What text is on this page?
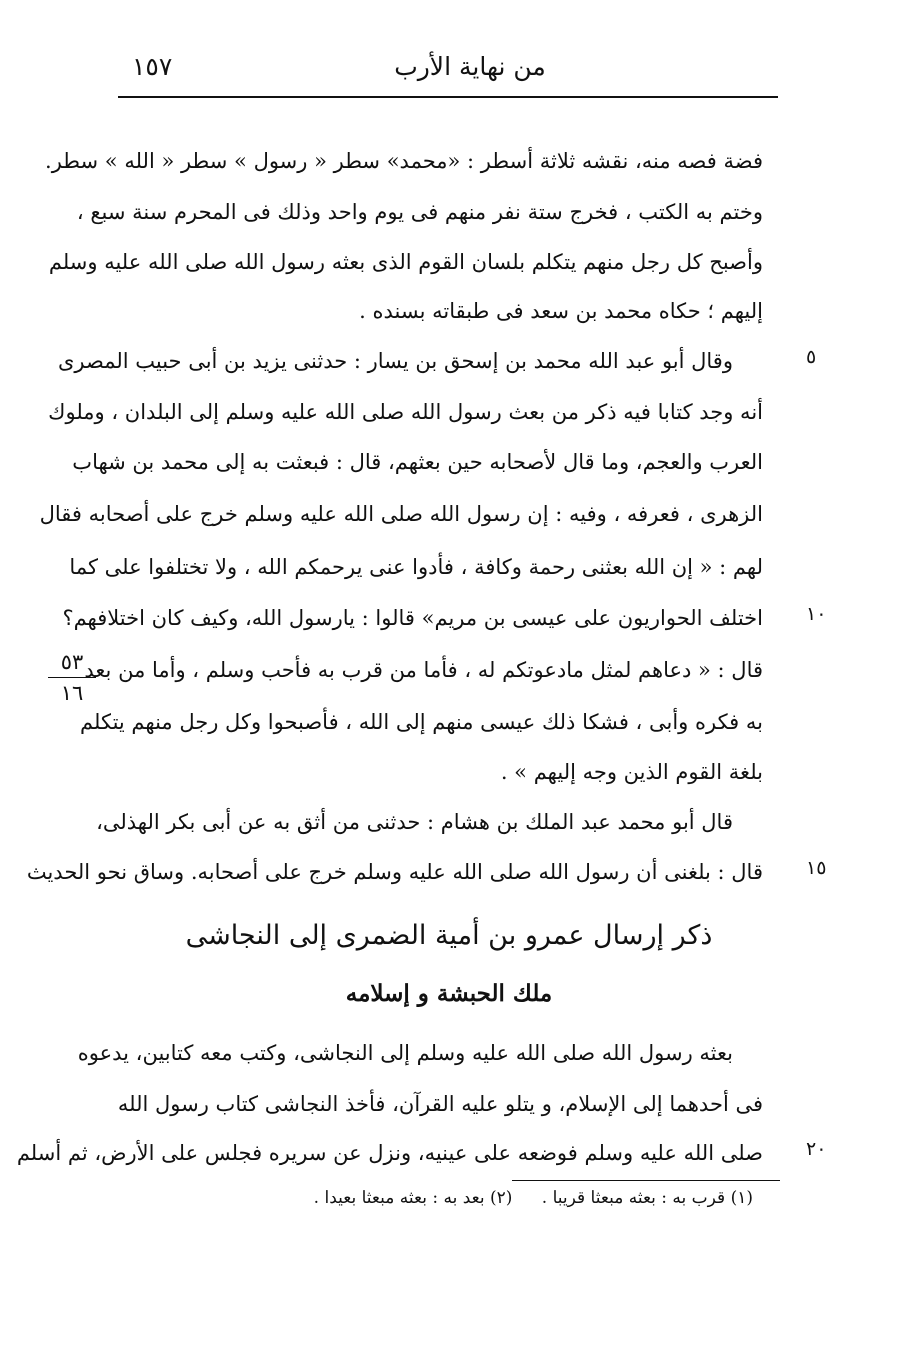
من نهاية الأرب
١٥٧
فضة فصه منه، نقشه ثلاثة أسطر : «محمد» سطر « رسول » سطر « الله » سطر.
وختم به الكتب ، فخرج ستة نفر منهم فى يوم واحد وذلك فى المحرم سنة سبع ،
وأصبح كل رجل منهم يتكلم بلسان القوم الذى بعثه رسول الله صلى الله عليه وسلم
إليهم ؛ حكاه محمد بن سعد فى طبقاته بسنده .
وقال أبو عبد الله محمد بن إسحق بن يسار : حدثنى يزيد بن أبى حبيب المصرى
أنه وجد كتابا فيه ذكر من بعث رسول الله صلى الله عليه وسلم إلى البلدان ، وملوك
العرب والعجم، وما قال لأصحابه حين بعثهم، قال : فبعثت به إلى محمد بن شهاب
الزهرى ، فعرفه ، وفيه : إن رسول الله صلى الله عليه وسلم خرج على أصحابه فقال
لهم : « إن الله بعثنى رحمة وكافة ، فأدوا عنى يرحمكم الله ، ولا تختلفوا على كما
اختلف الحواريون على عيسى بن مريم» قالوا : يارسول الله، وكيف كان اختلافهم؟
قال : « دعاهم لمثل مادعوتكم له ، فأما من قرب به فأحب وسلم ، وأما من بعد
به فكره وأبى ، فشكا ذلك عيسى منهم إلى الله ، فأصبحوا وكل رجل منهم يتكلم
بلغة القوم الذين وجه إليهم » .
قال أبو محمد عبد الملك بن هشام : حدثنى من أثق به عن أبى بكر الهذلى،
قال : بلغنى أن رسول الله صلى الله عليه وسلم خرج على أصحابه. وساق نحو الحديث
ذكر إرسال عمرو بن أمية الضمرى إلى النجاشى
ملك الحبشة و إسلامه
بعثه رسول الله صلى الله عليه وسلم إلى النجاشى، وكتب معه كتابين، يدعوه
فى أحدهما إلى الإسلام، و يتلو عليه القرآن، فأخذ النجاشى كتاب رسول الله
صلى الله عليه وسلم فوضعه على عينيه، ونزل عن سريره فجلس على الأرض، ثم أسلم
٥
١٠
١٥
٢٠
٥٣
١٦
(١) قرب به : بعثه مبعثا قريبا . (٢) بعد به : بعثه مبعثا بعيدا .
